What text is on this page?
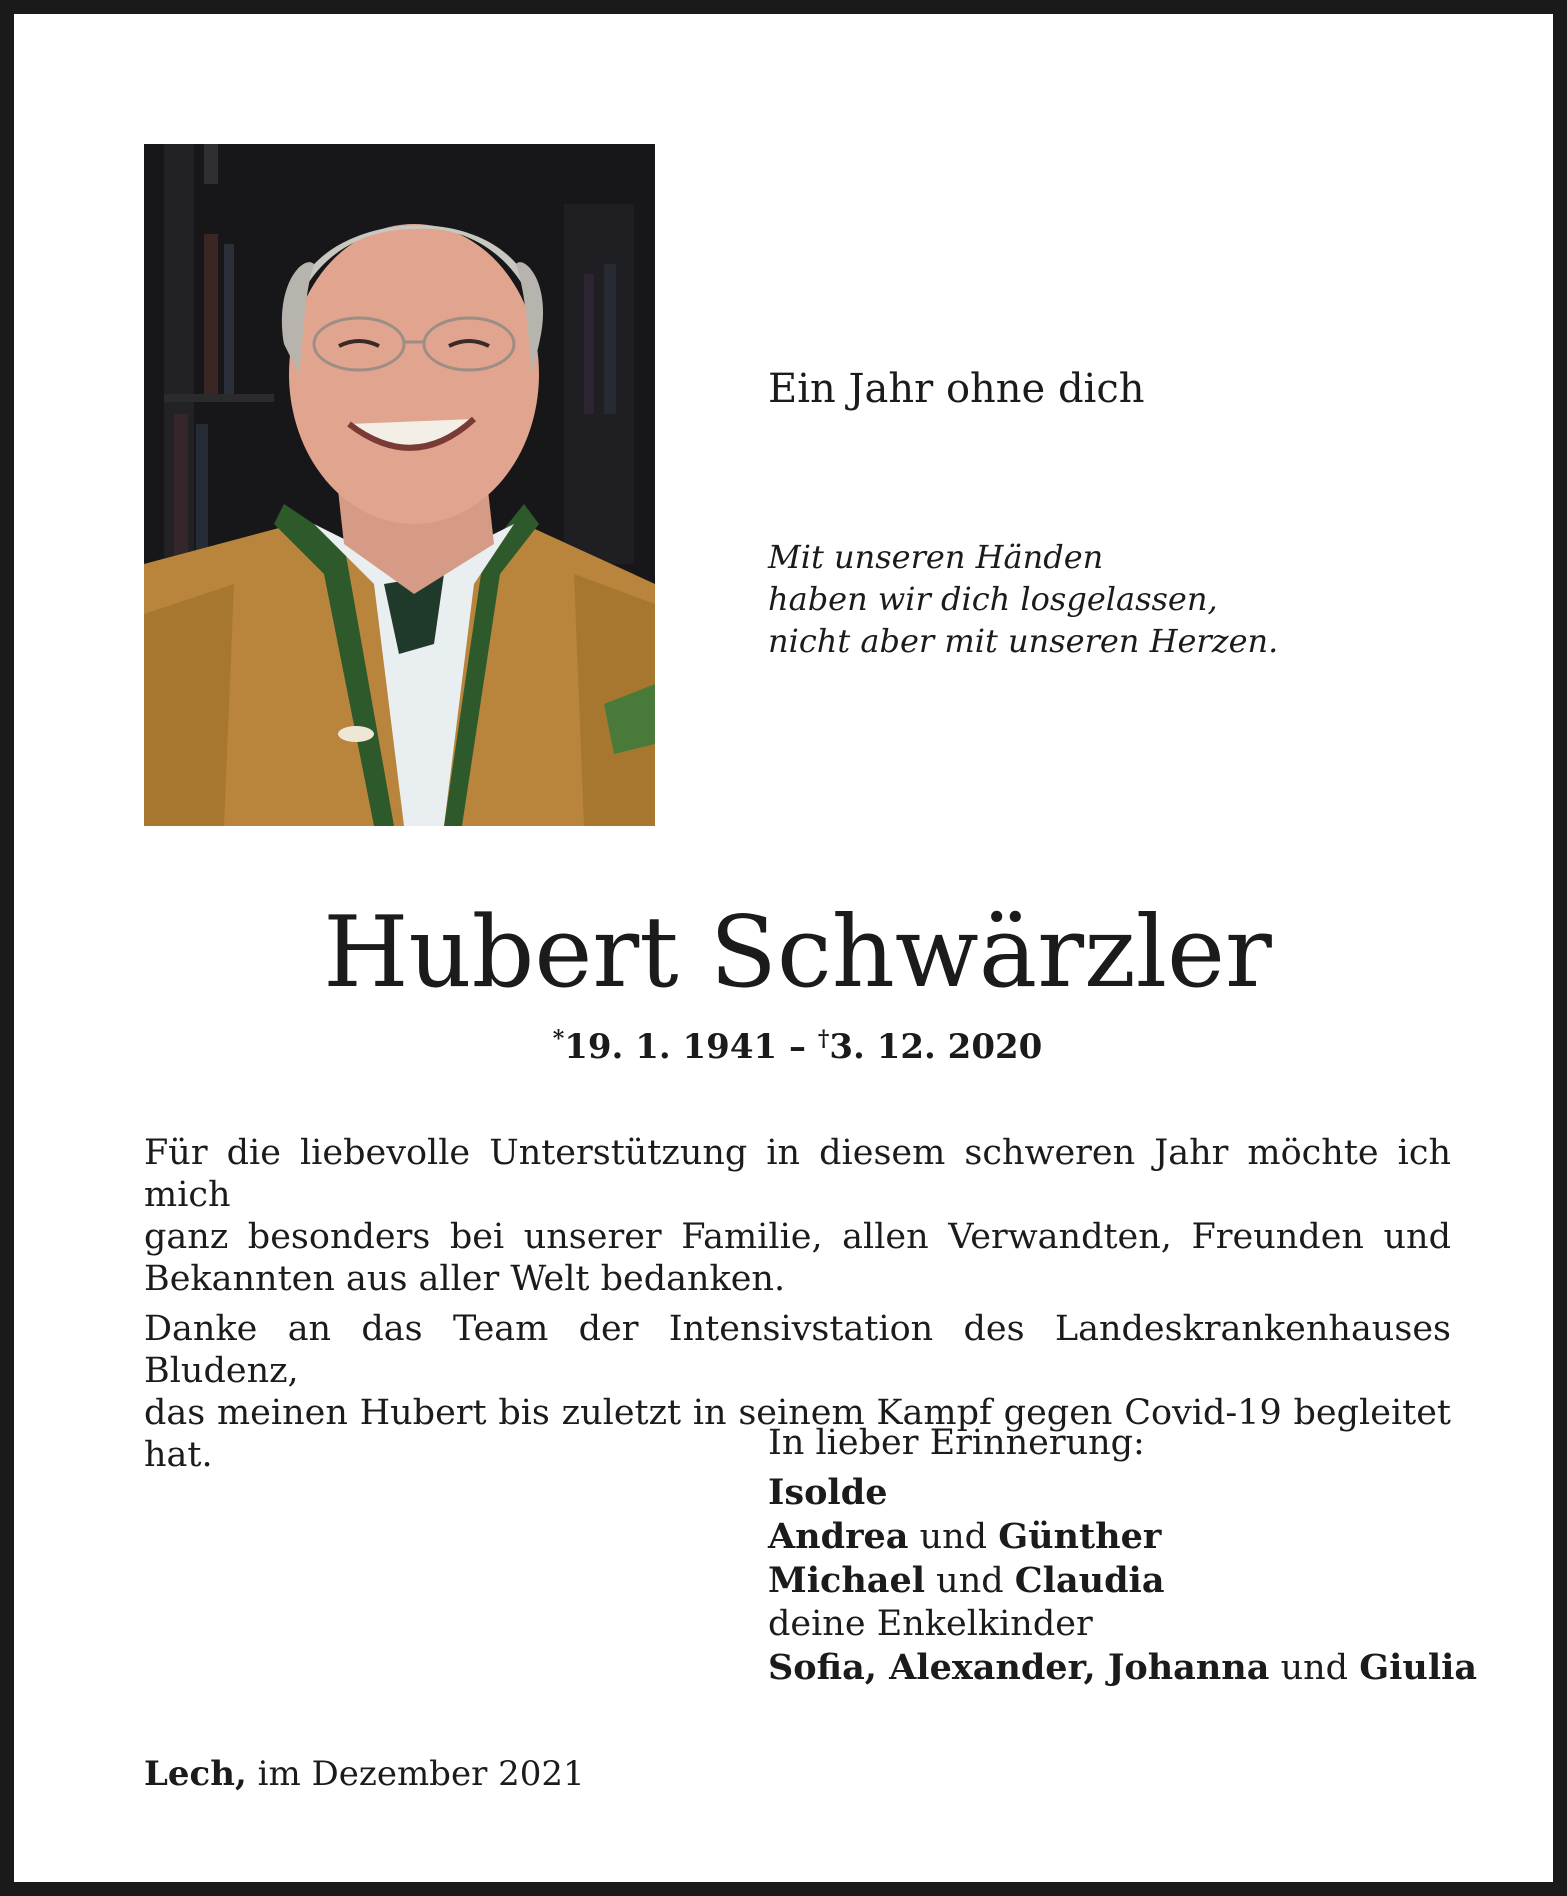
Ein Jahr ohne dich
Mit unseren Händen
haben wir dich losgelassen,
nicht aber mit unseren Herzen.
Hubert Schwärzler
*19. 1. 1941 – †3. 12. 2020

Für die liebevolle Unterstützung in diesem schweren Jahr möchte ich mich
ganz besonders bei unserer Familie, allen Verwandten, Freunden und
Bekannten aus aller Welt bedanken.

Danke an das Team der Intensivstation des Landeskrankenhauses Bludenz,
das meinen Hubert bis zuletzt in seinem Kampf gegen Covid-19 begleitet hat.	In lieber Erinnerung:
Isolde
Andrea und Günther
Michael und Claudia
deine Enkelkinder
Sofia, Alexander, Johanna und Giulia
Lech, im Dezember 2021
